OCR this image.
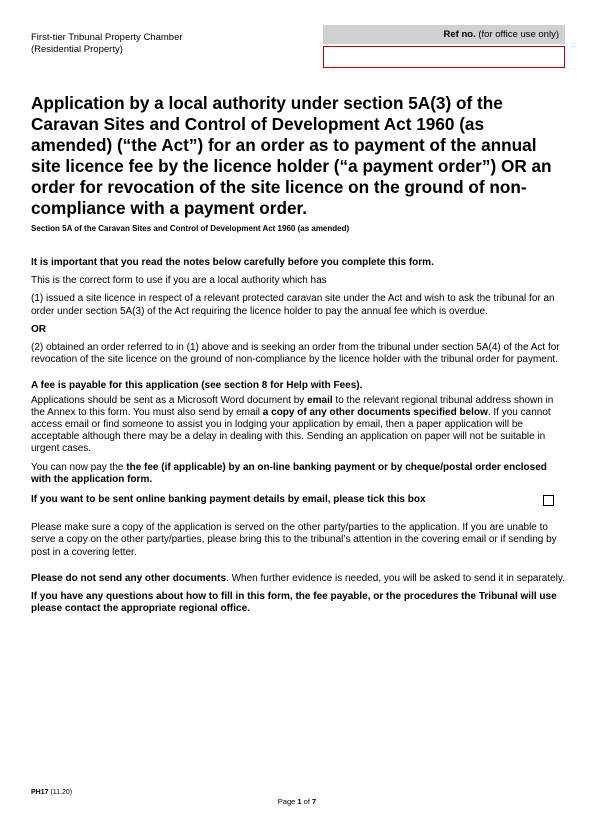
First-tier Tribunal Property Chamber
(Residential Property)
Ref no. (for office use only)
Application by a local authority under section 5A(3) of the Caravan Sites and Control of Development Act 1960 (as amended) (“the Act”) for an order as to payment of the annual site licence fee by the licence holder (“a payment order”) OR an order for revocation of the site licence on the ground of non-compliance with a payment order.
Section 5A of the Caravan Sites and Control of Development Act 1960 (as amended)

It is important that you read the notes below carefully before you complete this form.

This is the correct form to use if you are a local authority which has

(1) issued a site licence in respect of a relevant protected caravan site under the Act and wish to ask the tribunal for an order under section 5A(3) of the Act requiring the licence holder to pay the annual fee which is overdue.

OR

(2) obtained an order referred to in (1) above and is seeking an order from the tribunal under section 5A(4) of the Act for revocation of the site licence on the ground of non-compliance by the licence holder with the tribunal order for payment.

A fee is payable for this application (see section 8 for Help with Fees).

Applications should be sent as a Microsoft Word document by email to the relevant regional tribunal address shown in the Annex to this form. You must also send by email a copy of any other documents specified below. If you cannot access email or find someone to assist you in lodging your application by email, then a paper application will be acceptable although there may be a delay in dealing with this. Sending an application on paper will not be suitable in urgent cases.

You can now pay the the fee (if applicable) by an on-line banking payment or by cheque/postal order enclosed with the application form.

If you want to be sent online banking payment details by email, please tick this box

Please make sure a copy of the application is served on the other party/parties to the application. If you are unable to serve a copy on the other party/parties, please bring this to the tribunal’s attention in the covering email or if sending by post in a covering letter.

Please do not send any other documents. When further evidence is needed, you will be asked to send it in separately.

If you have any questions about how to fill in this form, the fee payable, or the procedures the Tribunal will use please contact the appropriate regional office.

PH17 (11.20)
Page 1 of 7
